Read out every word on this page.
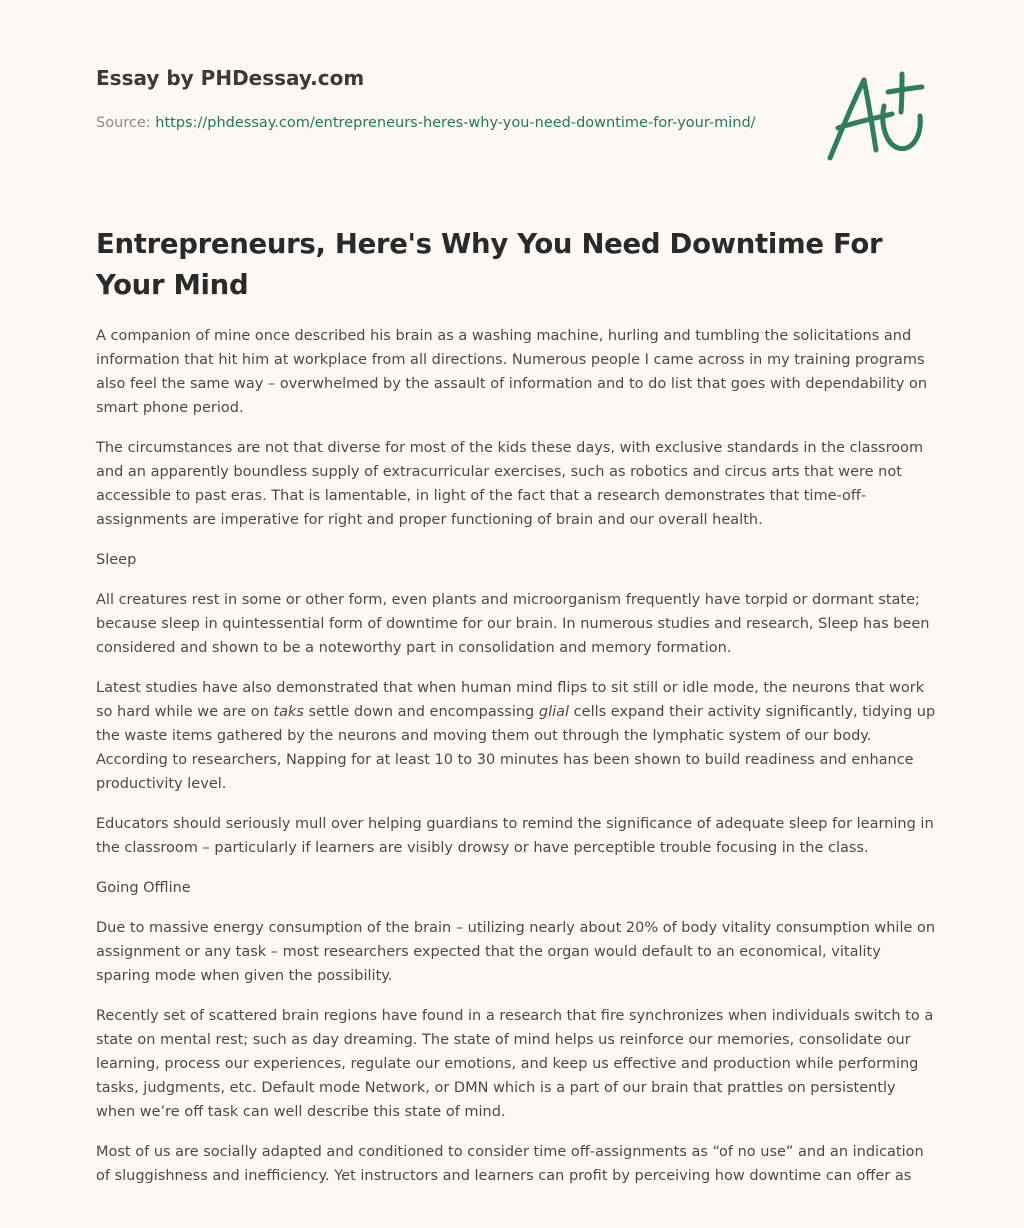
Essay by PHDessay.com

Source: https://phdessay.com/entrepreneurs-heres-why-you-need-downtime-for-your-mind/
Entrepreneurs, Here's Why You Need Downtime For Your Mind

A companion of mine once described his brain as a washing machine, hurling and tumbling the solicitations and information that hit him at workplace from all directions. Numerous people I came across in my training programs also feel the same way – overwhelmed by the assault of information and to do list that goes with dependability on smart phone period.

The circumstances are not that diverse for most of the kids these days, with exclusive standards in the classroom and an apparently boundless supply of extracurricular exercises, such as robotics and circus arts that were not accessible to past eras. That is lamentable, in light of the fact that a research demonstrates that time-off-assignments are imperative for right and proper functioning of brain and our overall health.

Sleep

All creatures rest in some or other form, even plants and microorganism frequently have torpid or dormant state; because sleep in quintessential form of downtime for our brain. In numerous studies and research, Sleep has been considered and shown to be a noteworthy part in consolidation and memory formation.

Latest studies have also demonstrated that when human mind flips to sit still or idle mode, the neurons that work so hard while we are on taks settle down and encompassing glial cells expand their activity significantly, tidying up the waste items gathered by the neurons and moving them out through the lymphatic system of our body. According to researchers, Napping for at least 10 to 30 minutes has been shown to build readiness and enhance productivity level.

Educators should seriously mull over helping guardians to remind the significance of adequate sleep for learning in the classroom – particularly if learners are visibly drowsy or have perceptible trouble focusing in the class.

Going Offline

Due to massive energy consumption of the brain – utilizing nearly about 20% of body vitality consumption while on assignment or any task – most researchers expected that the organ would default to an economical, vitality sparing mode when given the possibility.

Recently set of scattered brain regions have found in a research that fire synchronizes when individuals switch to a state on mental rest; such as day dreaming. The state of mind helps us reinforce our memories, consolidate our learning, process our experiences, regulate our emotions, and keep us effective and production while performing tasks, judgments, etc. Default mode Network, or DMN which is a part of our brain that prattles on persistently when we’re off task can well describe this state of mind.

Most of us are socially adapted and conditioned to consider time off-assignments as “of no use” and an indication of sluggishness and inefficiency. Yet instructors and learners can profit by perceiving how downtime can offer as
